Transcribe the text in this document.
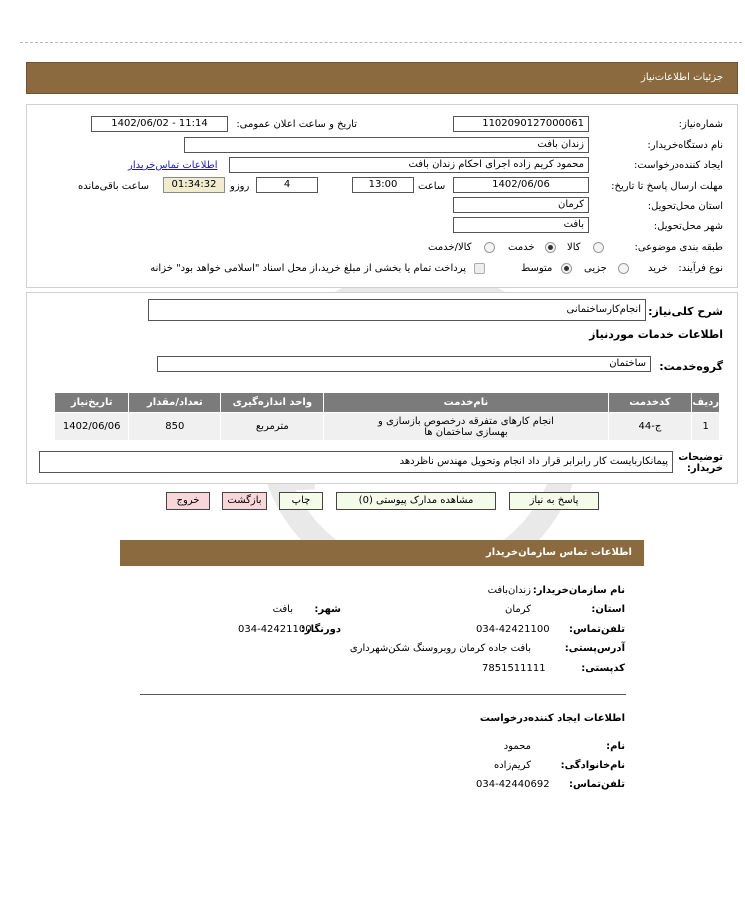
جزئیات اطلاعات‌نیاز
شماره‌نیاز:
1102090127000061
تاریخ و ساعت اعلان عمومی:
1402/06/02 - 11:14
نام دستگاه‌خریدار:
زندان بافت
ایجاد کننده‌درخواست:
محمود کریم زاده اجرای احکام زندان بافت
اطلاعات تماس‌خریدار
مهلت ارسال پاسخ تا تاریخ:
1402/06/06
ساعت
13:00
4
روزو
01:34:32
ساعت باقی‌مانده
استان محل‌تحویل:
کرمان
شهر محل‌تحویل:
بافت
طبقه بندی موضوعی:
کالا
خدمت
کالا/خدمت
نوع فرآیند:
خرید
جزیی
متوسط
پرداخت تمام یا بخشی از مبلغ خرید،از محل اسناد "اسلامی خواهد بود" خزانه
شرح کلی‌نیاز:
انجام‌کارساختمانی
اطلاعات خدمات موردنیاز
گروه‌خدمت:
ساختمان
تاریخ‌نیاز	تعداد/مقدار	واحد اندازه‌گیری	نام‌خدمت	کدخدمت	ردیف
1402/06/06	850	مترمربع	انجام کارهای متفرقه درخصوص بازسازی و بهسازی ساختمان ها	ج-44	1
توضیحات خریدار:
پیمانکاربایست کار رابرابر قرار داد انجام وتحویل مهندس ناظردهد
پاسخ به نیاز
مشاهده مدارک پیوستی (0)
چاپ
بازگشت
خروج
اطلاعات تماس سازمان‌خریدار
نام سازمان‌خریدار:
زندان‌بافت
استان:
کرمان
شهر:
بافت
تلفن‌تماس:
034-42421100
دورنگار:
034-42421100
آدرس‌پستی:
بافت جاده کرمان روبروسنگ شکن‌شهرداری
کدپستی:
7851511111
اطلاعات ایجاد کننده‌درخواست
نام:
محمود
نام‌خانوادگی:
کریم‌زاده
تلفن‌تماس:
034-42440692
